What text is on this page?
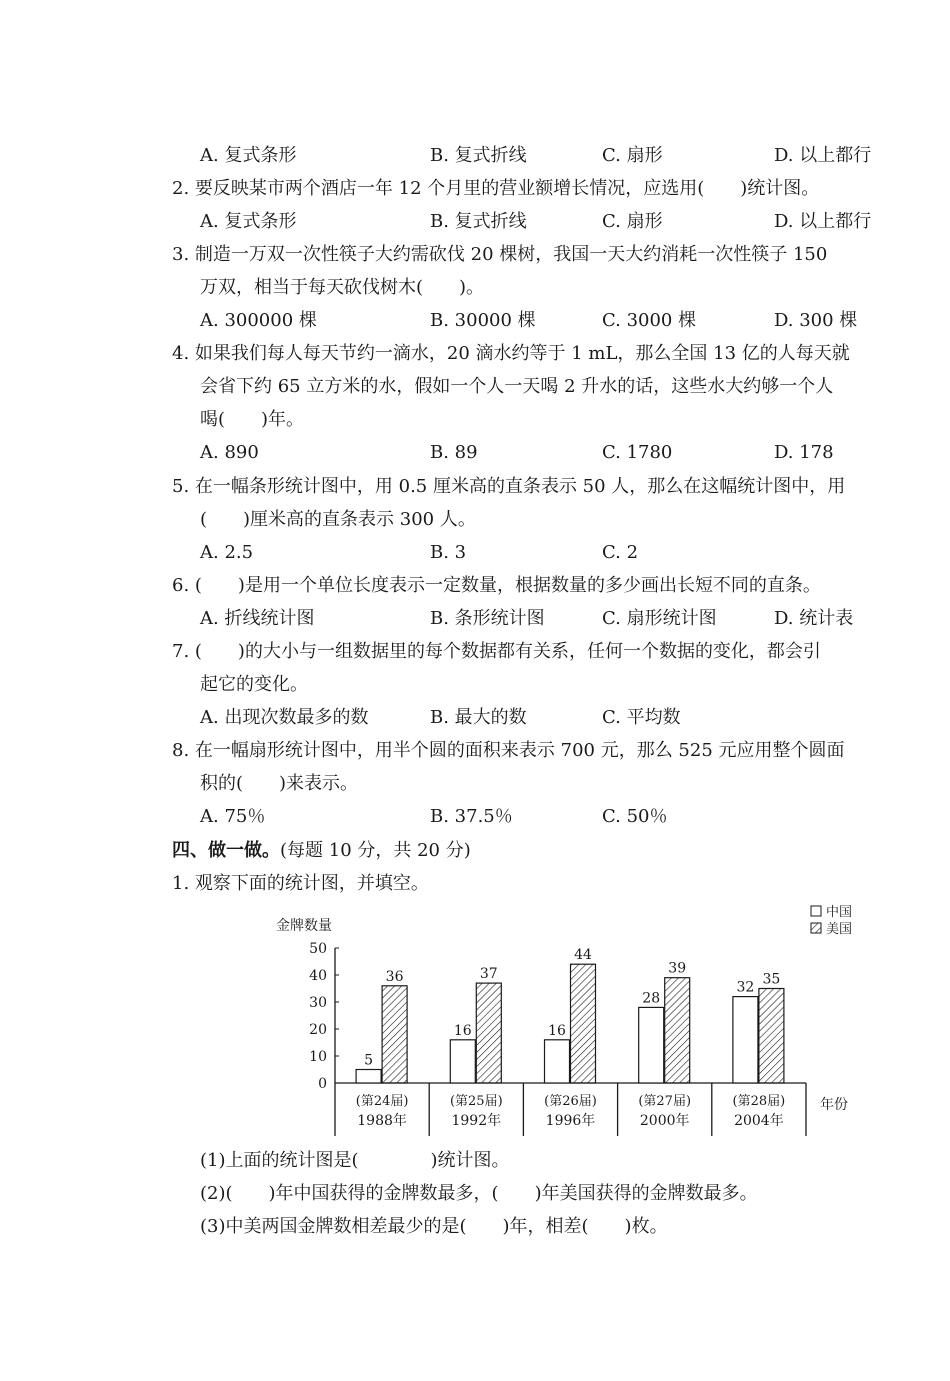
A. 复式条形	B. 复式折线	C. 扇形	D. 以上都行
2. 要反映某市两个酒店一年 12 个月里的营业额增长情况，应选用(　　)统计图。
A. 复式条形	B. 复式折线	C. 扇形	D. 以上都行
3. 制造一万双一次性筷子大约需砍伐 20 棵树，我国一天大约消耗一次性筷子 150
万双，相当于每天砍伐树木(　　)。
A. 300000 棵	B. 30000 棵	C. 3000 棵	D. 300 棵
4. 如果我们每人每天节约一滴水，20 滴水约等于 1 mL，那么全国 13 亿的人每天就
会省下约 65 立方米的水，假如一个人一天喝 2 升水的话，这些水大约够一个人
喝(　　)年。
A. 890	B. 89	C. 1780	D. 178
5. 在一幅条形统计图中，用 0.5 厘米高的直条表示 50 人，那么在这幅统计图中，用
(　　)厘米高的直条表示 300 人。
A. 2.5	B. 3	C. 2
6. (　　)是用一个单位长度表示一定数量，根据数量的多少画出长短不同的直条。
A. 折线统计图	B. 条形统计图	C. 扇形统计图	D. 统计表
7. (　　)的大小与一组数据里的每个数据都有关系，任何一个数据的变化，都会引
起它的变化。
A. 出现次数最多的数	B. 最大的数	C. 平均数
8. 在一幅扇形统计图中，用半个圆的面积来表示 700 元，那么 525 元应用整个圆面
积的(　　)来表示。
A. 75％	B. 37.5％	C. 50％
四、做一做。(每题 10 分，共 20 分)
1. 观察下面的统计图，并填空。
金牌数量
0
10
20
30
40
50
(第24届)
1988年
(第25届)
1992年
(第26届)
1996年
(第27届)
2000年
(第28届)
2004年
年份
5
36
16
37
16
44
28
39
32
35
中国
美国
(1)上面的统计图是(　　　　)统计图。
(2)(　　)年中国获得的金牌数最多，(　　)年美国获得的金牌数最多。
(3)中美两国金牌数相差最少的是(　　)年，相差(　　)枚。
